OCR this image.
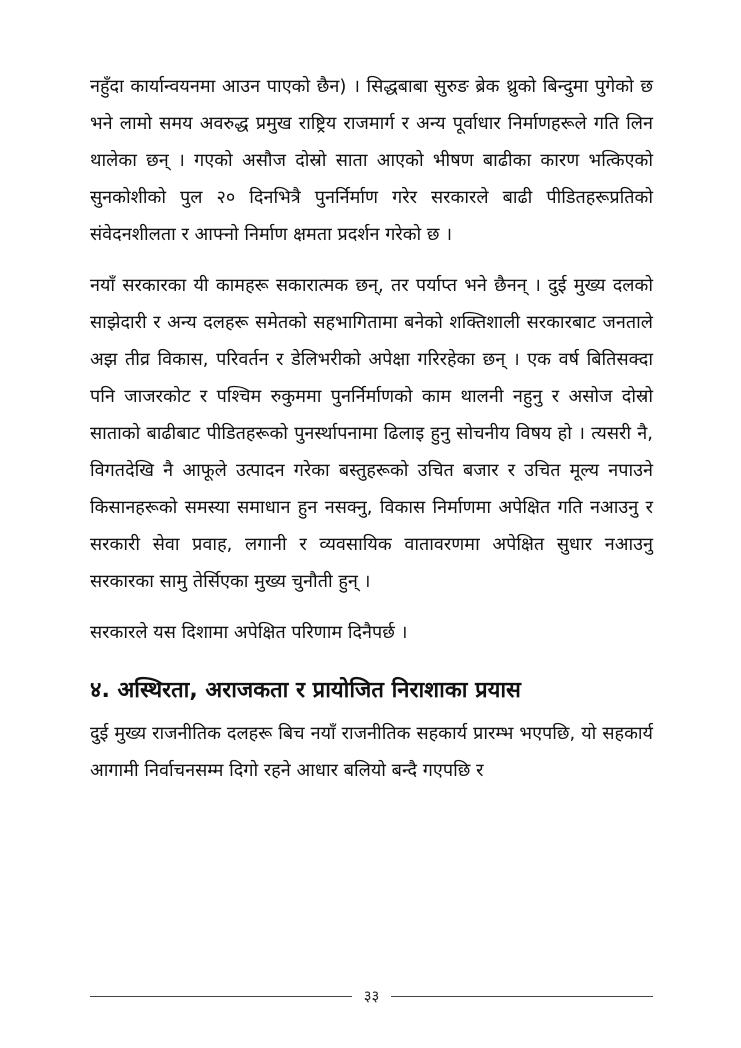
नहुँदा कार्यान्वयनमा आउन पाएको छैन) । सिद्धबाबा सुरुङ ब्रेक थ्रुको बिन्दुमा पुगेको छ भने लामो समय अवरुद्ध प्रमुख राष्ट्रिय राजमार्ग र अन्य पूर्वाधार निर्माणहरूले गति लिन थालेका छन् । गएको असौज दोस्रो साता आएको भीषण बाढीका कारण भत्किएको सुनकोशीको पुल २० दिनभित्रै पुनर्निर्माण गरेर सरकारले बाढी पीडितहरूप्रतिको संवेदनशीलता र आफ्नो निर्माण क्षमता प्रदर्शन गरेको छ ।

नयाँ सरकारका यी कामहरू सकारात्मक छन्, तर पर्याप्त भने छैनन् । दुई मुख्य दलको साझेदारी र अन्य दलहरू समेतको सहभागितामा बनेको शक्तिशाली सरकारबाट जनताले अझ तीव्र विकास, परिवर्तन र डेलिभरीको अपेक्षा गरिरहेका छन् । एक वर्ष बितिसक्दा पनि जाजरकोट र पश्चिम रुकुममा पुनर्निर्माणको काम थालनी नहुनु र असोज दोस्रो साताको बाढीबाट पीडितहरूको पुनर्स्थापनामा ढिलाइ हुनु सोचनीय विषय हो । त्यसरी नै, विगतदेखि नै आफूले उत्पादन गरेका बस्तुहरूको उचित बजार र उचित मूल्य नपाउने किसानहरूको समस्या समाधान हुन नसक्नु, विकास निर्माणमा अपेक्षित गति नआउनु र सरकारी सेवा प्रवाह, लगानी र व्यवसायिक वातावरणमा अपेक्षित सुधार नआउनु सरकारका सामु तेर्सिएका मुख्य चुनौती हुन् ।

सरकारले यस दिशामा अपेक्षित परिणाम दिनैपर्छ ।

४. अस्थिरता, अराजकता र प्रायोजित निराशाका प्रयास

दुई मुख्य राजनीतिक दलहरू बिच नयाँ राजनीतिक सहकार्य प्रारम्भ भएपछि, यो सहकार्य आगामी निर्वाचनसम्म दिगो रहने आधार बलियो बन्दै गएपछि र

३३
